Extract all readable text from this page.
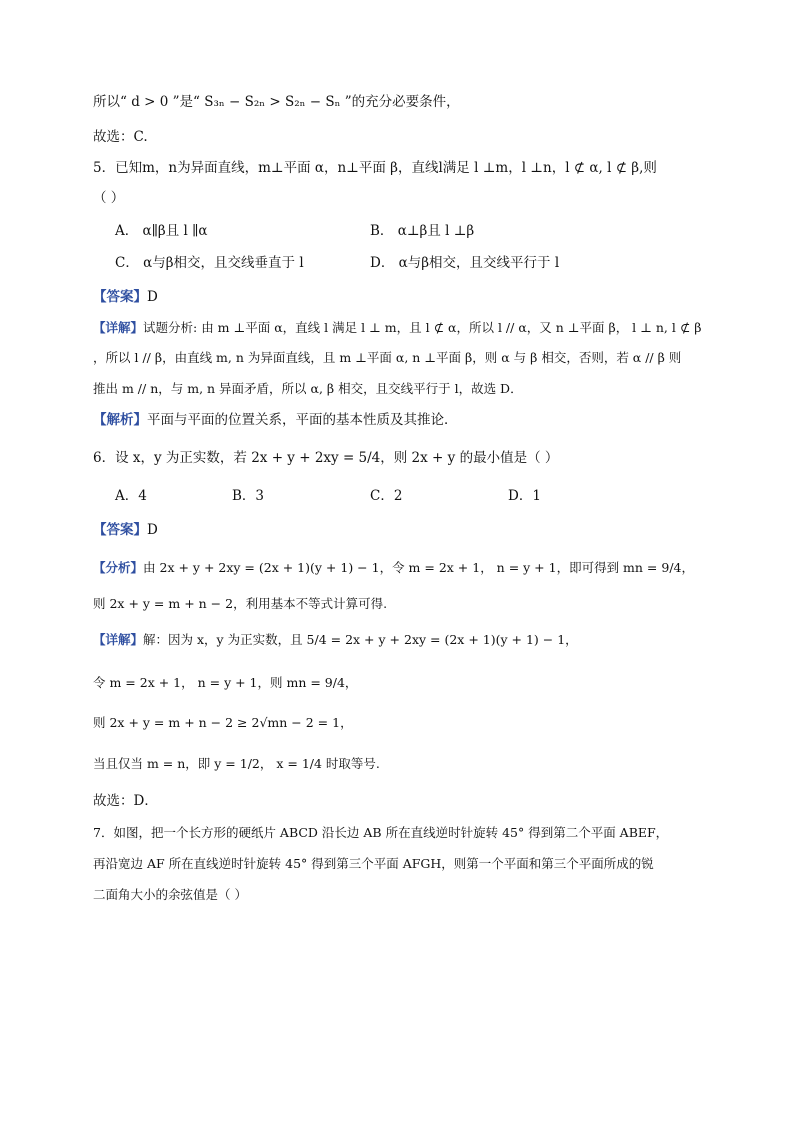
所以“ d > 0 ”是“ S₃ₙ − S₂ₙ > S₂ₙ − Sₙ ”的充分必要条件，
故选：C.
5．已知m，n为异面直线，m⊥平面 α，n⊥平面 β，直线l满足 l ⊥m，l ⊥n，l ⊄ α, l ⊄ β,则
（ ）
A． α∥β且 l ∥α	B． α⊥β且 l ⊥β
C． α与β相交，且交线垂直于 l	D． α与β相交，且交线平行于 l
【答案】D
【详解】试题分析: 由 m ⊥平面 α，直线 l 满足 l ⊥ m，且 l ⊄ α，所以 l // α，又 n ⊥平面 β， l ⊥ n, l ⊄ β
，所以 l // β，由直线 m, n 为异面直线，且 m ⊥平面 α, n ⊥平面 β，则 α 与 β 相交，否则，若 α // β 则
推出 m // n，与 m, n 异面矛盾，所以 α, β 相交，且交线平行于 l，故选 D．
【解析】平面与平面的位置关系，平面的基本性质及其推论．
6．设 x，y 为正实数，若 2x + y + 2xy = 5/4，则 2x + y 的最小值是（ ）
A．4	B．3	C．2	D．1
【答案】D
【分析】由 2x + y + 2xy = (2x + 1)(y + 1) − 1，令 m = 2x + 1， n = y + 1，即可得到 mn = 9/4，
则 2x + y = m + n − 2，利用基本不等式计算可得.
【详解】解：因为 x，y 为正实数，且 5/4 = 2x + y + 2xy = (2x + 1)(y + 1) − 1，
令 m = 2x + 1， n = y + 1，则 mn = 9/4，
则 2x + y = m + n − 2 ≥ 2√mn − 2 = 1，
当且仅当 m = n，即 y = 1/2， x = 1/4 时取等号.
故选：D．
7．如图，把一个长方形的硬纸片 ABCD 沿长边 AB 所在直线逆时针旋转 45° 得到第二个平面 ABEF，
再沿宽边 AF 所在直线逆时针旋转 45° 得到第三个平面 AFGH，则第一个平面和第三个平面所成的锐
二面角大小的余弦值是（ ）
